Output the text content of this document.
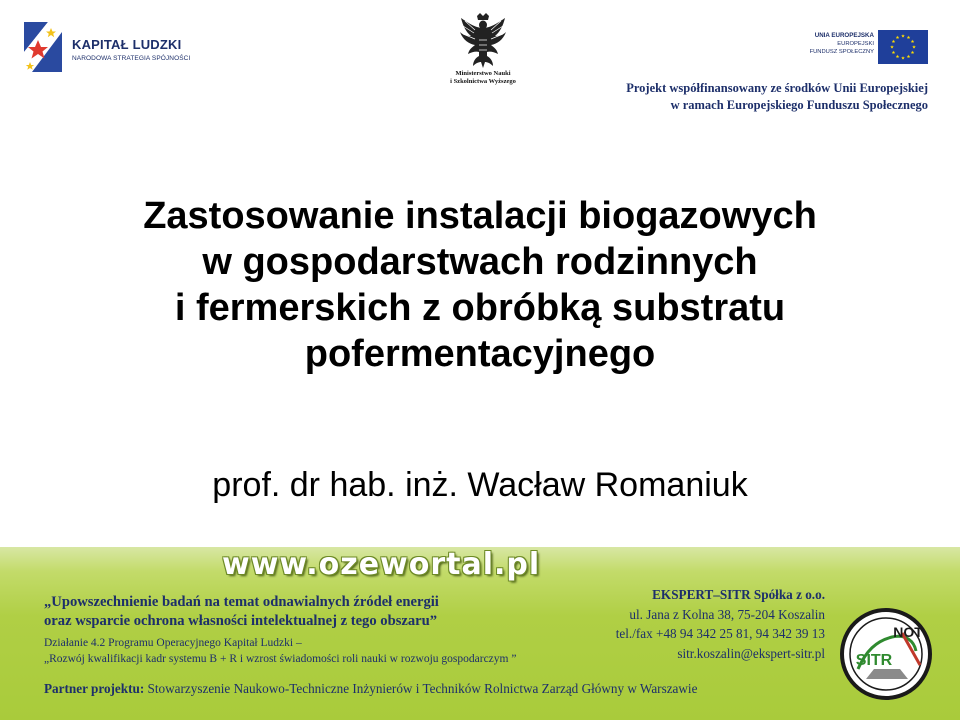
KAPITAŁ LUDZKI
NARODOWA STRATEGIA SPÓJNOŚCI
Ministerstwo Nauki
i Szkolnictwa Wyższego
UNIA EUROPEJSKA
EUROPEJSKI
FUNDUSZ SPOŁECZNY
Projekt współfinansowany ze środków Unii Europejskiej
w ramach Europejskiego Funduszu Społecznego
Zastosowanie instalacji biogazowych
w gospodarstwach rodzinnych
i fermerskich z obróbką substratu
pofermentacyjnego
prof. dr hab. inż. Wacław Romaniuk
www.ozewortal.pl
„Upowszechnienie badań na temat odnawialnych źródeł energii
oraz wsparcie ochrona własności intelektualnej z tego obszaru”
Działanie 4.2 Programu Operacyjnego Kapitał Ludzki –
„Rozwój kwalifikacji kadr systemu B + R i wzrost świadomości roli nauki w rozwoju gospodarczym ”
EKSPERT–SITR Spółka z o.o.
ul. Jana z Kolna 38, 75-204 Koszalin
tel./fax +48 94 342 25 81, 94 342 39 13
sitr.koszalin@ekspert-sitr.pl
NOT
SITR
Partner projektu: Stowarzyszenie Naukowo-Techniczne Inżynierów i Techników Rolnictwa Zarząd Główny w Warszawie
